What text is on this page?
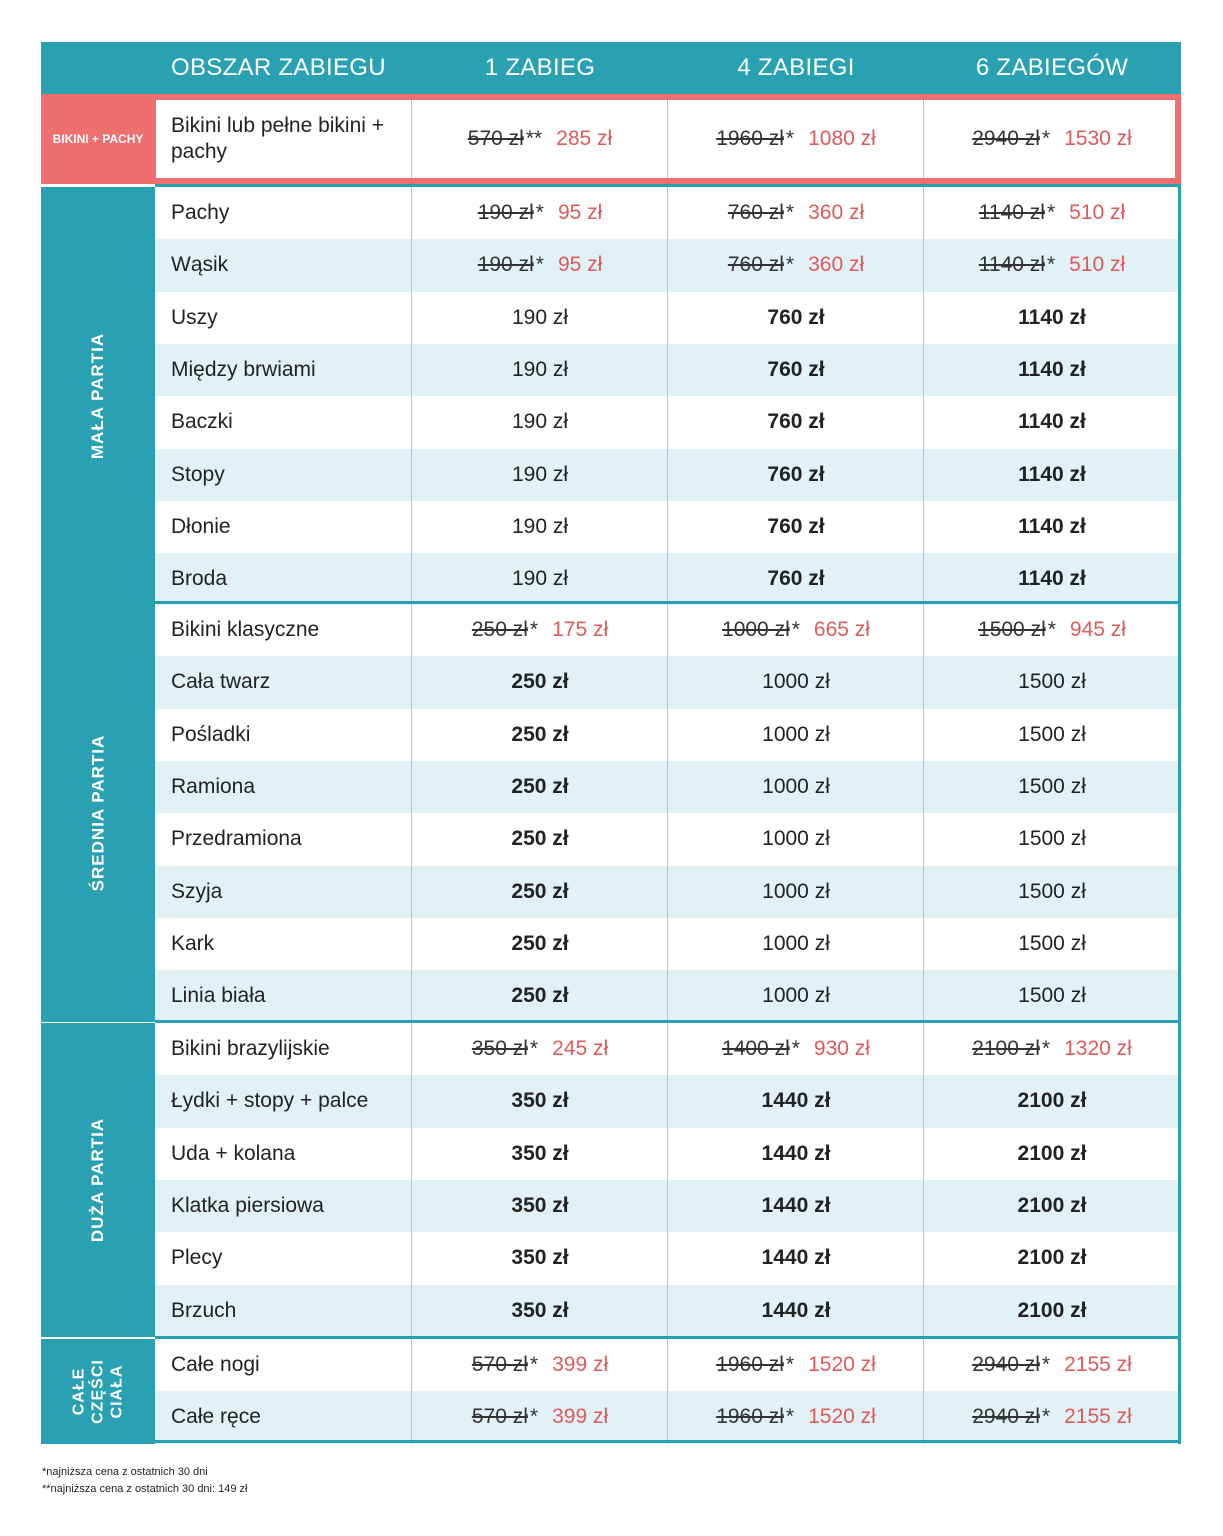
OBSZAR ZABIEGU	1 ZABIEG	4 ZABIEGI	6 ZABIEGÓW
BIKINI + PACHY
*najniższa cena z ostatnich 30 dni
**najniższa cena z ostatnich 30 dni: 149 zł
Bikini lub pełne bikini + pachy
570 zł ** 285 zł	1960 zł * 1080 zł	2940 zł * 1530 zł
MAŁA PARTIA
Pachy	190 zł * 95 zł	760 zł * 360 zł	1140 zł * 510 zł
Wąsik	190 zł * 95 zł	760 zł * 360 zł	1140 zł * 510 zł
Uszy	190 zł	760 zł	1140 zł
Między brwiami	190 zł	760 zł	1140 zł
Baczki	190 zł	760 zł	1140 zł
Stopy	190 zł	760 zł	1140 zł
Dłonie	190 zł	760 zł	1140 zł
Broda	190 zł	760 zł	1140 zł
ŚREDNIA PARTIA
Bikini klasyczne	250 zł * 175 zł	1000 zł * 665 zł	1500 zł * 945 zł
Cała twarz	250 zł	1000 zł	1500 zł
Pośladki	250 zł	1000 zł	1500 zł
Ramiona	250 zł	1000 zł	1500 zł
Przedramiona	250 zł	1000 zł	1500 zł
Szyja	250 zł	1000 zł	1500 zł
Kark	250 zł	1000 zł	1500 zł
Linia biała	250 zł	1000 zł	1500 zł
DUŻA PARTIA
Bikini brazylijskie	350 zł * 245 zł	1400 zł * 930 zł	2100 zł * 1320 zł
Łydki + stopy + palce	350 zł	1440 zł	2100 zł
Uda + kolana	350 zł	1440 zł	2100 zł
Klatka piersiowa	350 zł	1440 zł	2100 zł
Plecy	350 zł	1440 zł	2100 zł
Brzuch	350 zł	1440 zł	2100 zł
CAŁE CZĘŚCI CIAŁA	Całe nogi	570 zł * 399 zł	1960 zł * 1520 zł	2940 zł * 2155 zł
Całe ręce	570 zł * 399 zł	1960 zł * 1520 zł	2940 zł * 2155 zł
